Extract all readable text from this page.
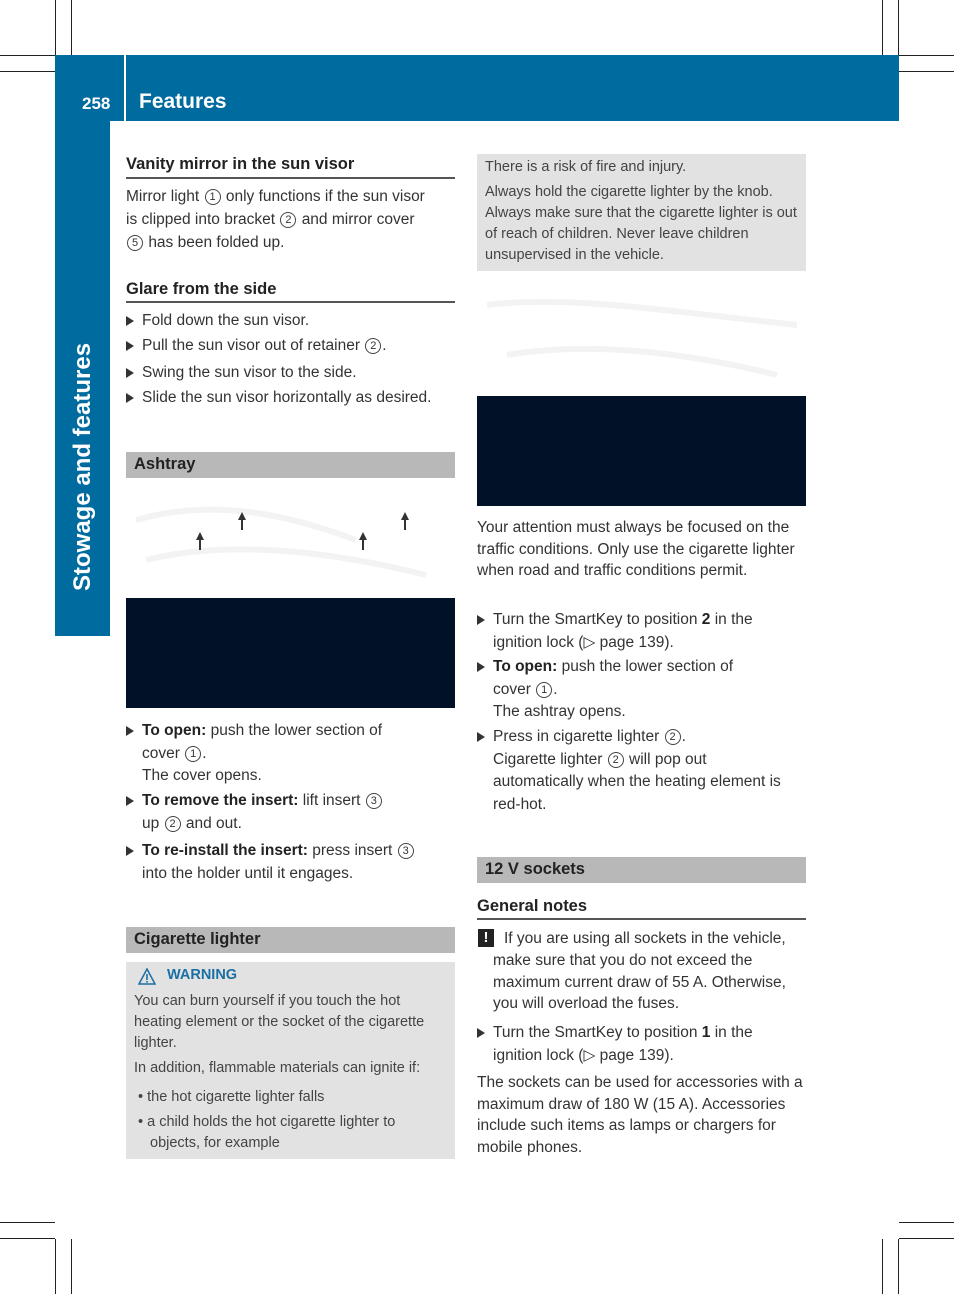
258 Features
Stowage and features
Vanity mirror in the sun visor
Mirror light 1 only functions if the sun visor
is clipped into bracket 2 and mirror cover
5 has been folded up.
Glare from the side
Fold down the sun visor.
Pull the sun visor out of retainer 2 .
Swing the sun visor to the side.
Slide the sun visor horizontally as desired.
Ashtray
To open: push the lower section of
cover 1 .
The cover opens.
To remove the insert: lift insert 3
up 2 and out.
To re-install the insert: press insert 3
into the holder until it engages.
Cigarette lighter
WARNING
You can burn yourself if you touch the hot heating element or the socket of the cigarette lighter.
In addition, flammable materials can ignite if:
• the hot cigarette lighter falls
• a child holds the hot cigarette lighter to
objects, for example
There is a risk of fire and injury.
Always hold the cigarette lighter by the knob. Always make sure that the cigarette lighter is out of reach of children. Never leave children unsupervised in the vehicle.
Your attention must always be focused on the traffic conditions. Only use the cigarette lighter when road and traffic conditions permit.
Turn the SmartKey to position 2 in the
ignition lock (▷ page 139).
To open: push the lower section of
cover 1 .
The ashtray opens.
Press in cigarette lighter 2 .
Cigarette lighter 2 will pop out
automatically when the heating element is
red-hot.
12 V sockets
General notes
!	If you are using all sockets in the vehicle,
make sure that you do not exceed the maximum current draw of 55 A. Otherwise, you will overload the fuses.
Turn the SmartKey to position 1 in the
ignition lock (▷ page 139).
The sockets can be used for accessories with a maximum draw of 180 W (15 A). Accessories include such items as lamps or chargers for mobile phones.
